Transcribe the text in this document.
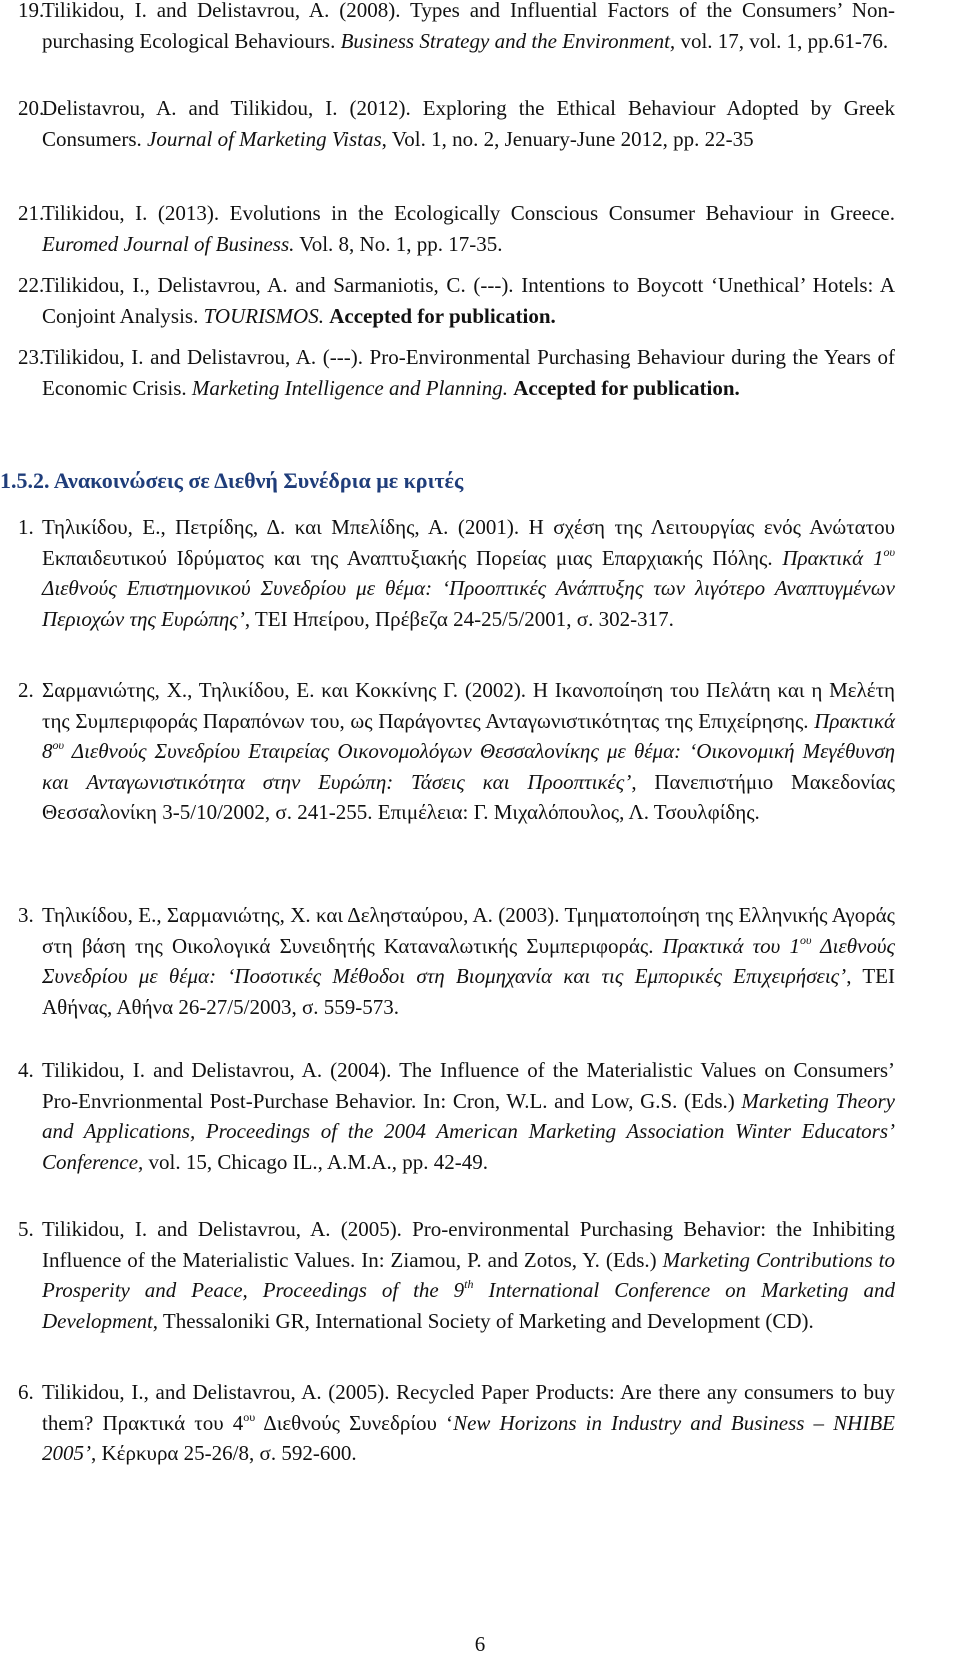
19.
Tilikidou, I. and Delistavrou, A. (2008). Types and Influential Factors of the Consumers’ Non-purchasing Ecological Behaviours. Business Strategy and the Environment, vol. 17, vol. 1, pp.61-76.
20.
Delistavrou, A. and Tilikidou, I. (2012). Exploring the Ethical Behaviour Adopted by Greek Consumers. Journal of Marketing Vistas, Vol. 1, no. 2, Jenuary-June 2012, pp. 22-35
21.
Tilikidou, I. (2013). Evolutions in the Ecologically Conscious Consumer Behaviour in Greece. Euromed Journal of Business. Vol. 8, No. 1, pp. 17-35.
22.
Tilikidou, I., Delistavrou, A. and Sarmaniotis, C. (---). Intentions to Boycott ‘Unethical’ Hotels: A Conjoint Analysis. TOURISMOS. Accepted for publication.
23.
Tilikidou, I. and Delistavrou, A. (---). Pro-Environmental Purchasing Behaviour during the Years of Economic Crisis. Marketing Intelligence and Planning. Accepted for publication.
1.5.2. Ανακοινώσεις σε Διεθνή Συνέδρια με κριτές
1. Τηλικίδου, Ε., Πετρίδης, Δ. και Μπελίδης, Α. (2001). Η σχέση της Λειτουργίας ενός Ανώτατου Εκπαιδευτικού Ιδρύματος και της Αναπτυξιακής Πορείας μιας Επαρχιακής Πόλης. Πρακτικά $1^{o\upsilon}$ Διεθνούς Επιστημονικού Συνεδρίου με θέμα: ‘Προοπτικές Ανάπτυξης των λιγότερο Αναπτυγμένων Περιοχών της Ευρώπης’, ΤΕΙ Ηπείρου, Πρέβεζα 24-25/5/2001, σ. 302-317.
2. Σαρμανιώτης, Χ., Τηλικίδου, Ε. και Κοκκίνης Γ. (2002). Η Ικανοποίηση του Πελάτη και η Μελέτη της Συμπεριφοράς Παραπόνων του, ως Παράγοντες Ανταγωνιστικότητας της Επιχείρησης. Πρακτικά $8^{o\upsilon}$ Διεθνούς Συνεδρίου Εταιρείας Οικονομολόγων Θεσσαλονίκης με θέμα: ‘Οικονομική Μεγέθυνση και Ανταγωνιστικότητα στην Ευρώπη: Τάσεις και Προοπτικές’, Πανεπιστήμιο Μακεδονίας Θεσσαλονίκη 3-5/10/2002, σ. 241-255. Επιμέλεια: Γ. Μιχαλόπουλος, Λ. Τσουλφίδης.
3. Τηλικίδου, Ε., Σαρμανιώτης, Χ. και Δελησταύρου, Α. (2003). Τμηματοποίηση της Ελληνικής Αγοράς στη βάση της Οικολογικά Συνειδητής Καταναλωτικής Συμπεριφοράς. Πρακτικά του $1^{o\upsilon}$ Διεθνούς Συνεδρίου με θέμα: ‘Ποσοτικές Μέθοδοι στη Βιομηχανία και τις Εμπορικές Επιχειρήσεις’, ΤΕΙ Αθήνας, Αθήνα 26-27/5/2003, σ. 559-573.
4. Tilikidou, I. and Delistavrou, A. (2004). The Influence of the Materialistic Values on Consumers’ Pro-Envrionmental Post-Purchase Behavior. In: Cron, W.L. and Low, G.S. (Eds.) Marketing Theory and Applications, Proceedings of the 2004 American Marketing Association Winter Educators’ Conference, vol. 15, Chicago IL., A.M.A., pp. 42-49.
5. Tilikidou, I. and Delistavrou, A. (2005). Pro-environmental Purchasing Behavior: the Inhibiting Influence of the Materialistic Values. In: Ziamou, P. and Zotos, Y. (Eds.) Marketing Contributions to Prosperity and Peace, Proceedings of the 9th International Conference on Marketing and Development, Thessaloniki GR, International Society of Marketing and Development (CD).
6. Tilikidou, I., and Delistavrou, A. (2005). Recycled Paper Products: Are there any consumers to buy them? Πρακτικά του $4^{o\upsilon}$ Διεθνούς Συνεδρίου ‘New Horizons in Industry and Business – NHIBE 2005’, Κέρκυρα 25-26/8, σ. 592-600.
6
